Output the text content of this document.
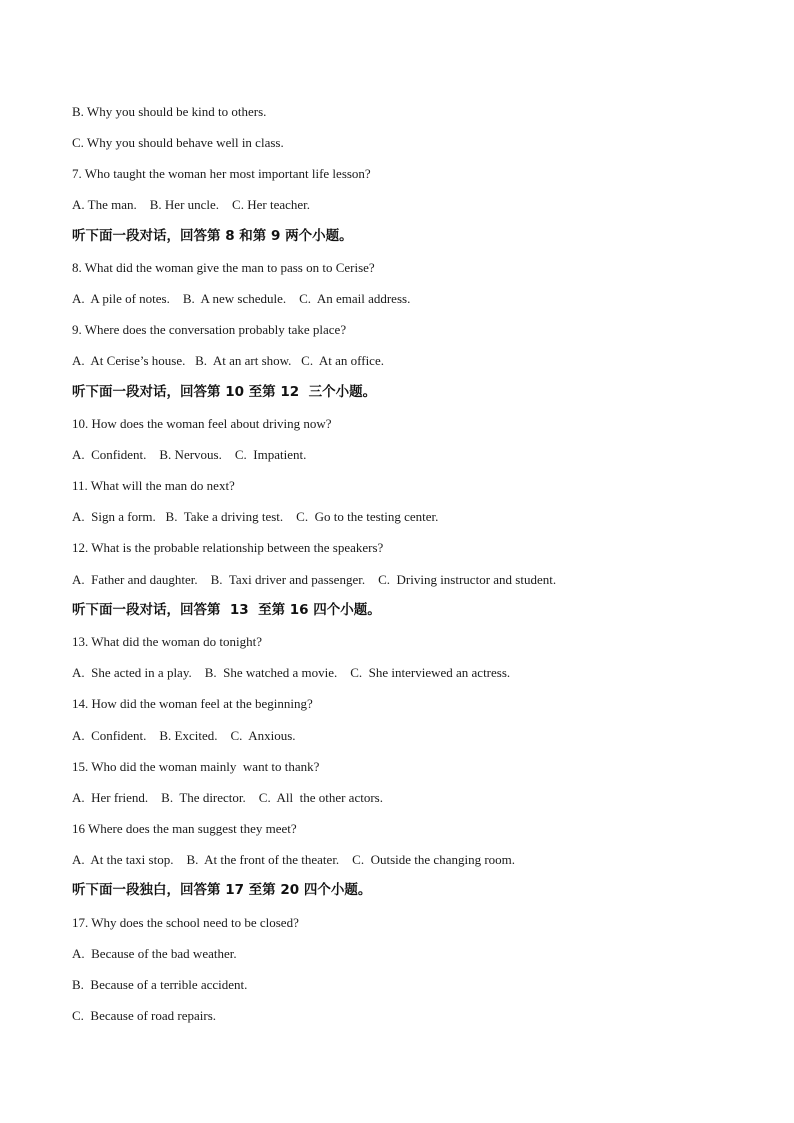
B. Why you should be kind to others.
C. Why you should behave well in class.
7. Who taught the woman her most important life lesson?
A. The man.    B. Her uncle.    C. Her teacher.
听下面一段对话，回答第 8 和第 9 两个小题。
8. What did the woman give the man to pass on to Cerise?
A.  A pile of notes.    B.  A new schedule.    C.  An email address.
9. Where does the conversation probably take place?
A.  At Cerise’s house.   B.  At an art show.   C.  At an office.
听下面一段对话，回答第 10 至第 12  三个小题。
10. How does the woman feel about driving now?
A.  Confident.    B. Nervous.    C.  Impatient.
11. What will the man do next?
A.  Sign a form.   B.  Take a driving test.    C.  Go to the testing center.
12. What is the probable relationship between the speakers?
A.  Father and daughter.    B.  Taxi driver and passenger.    C.  Driving instructor and student.
听下面一段对话，回答第  13  至第 16 四个小题。
13. What did the woman do tonight?
A.  She acted in a play.    B.  She watched a movie.    C.  She interviewed an actress.
14. How did the woman feel at the beginning?
A.  Confident.    B. Excited.    C.  Anxious.
15. Who did the woman mainly  want to thank?
A.  Her friend.    B.  The director.    C.  All  the other actors.
16 Where does the man suggest they meet?
A.  At the taxi stop.    B.  At the front of the theater.    C.  Outside the changing room.
听下面一段独白，回答第 17 至第 20 四个小题。
17. Why does the school need to be closed?
A.  Because of the bad weather.
B.  Because of a terrible accident.
C.  Because of road repairs.
